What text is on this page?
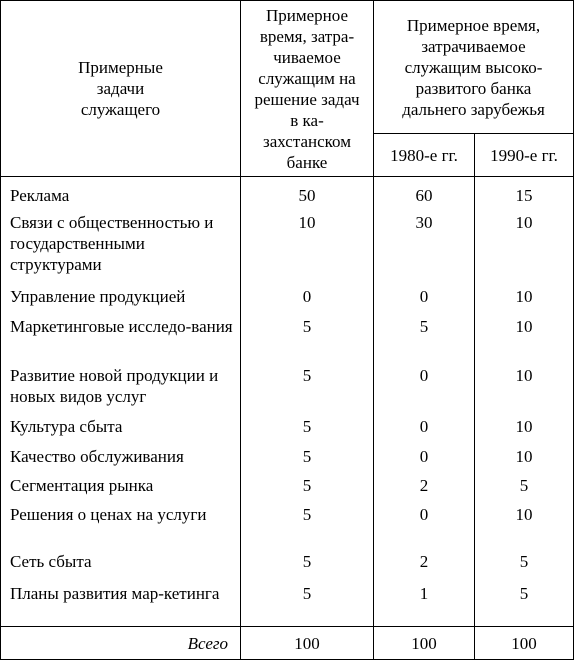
Примерные задачи служащего	Примерное время, затра-чиваемое служащим на решение задач в ка-захстанском банке	Примерное время, затрачиваемое служащим высоко-развитого банка дальнего зарубежья	

		1980-е гг.	1990-е гг.
Реклама	50	60	15
Связи с общественностью и государственными структурами	10	30	10
Управление продукцией	0	0	10
Маркетинговые исследо-вания	5	5	10
Развитие новой продукции и новых видов услуг	5	0	10
Культура сбыта	5	0	10
Качество обслуживания	5	0	10
Сегментация рынка	5	2	5
Решения о ценах на услуги	5	0	10
Сеть сбыта	5	2	5
Планы развития мар-кетинга	5	1	5
Всего	100	100	100
